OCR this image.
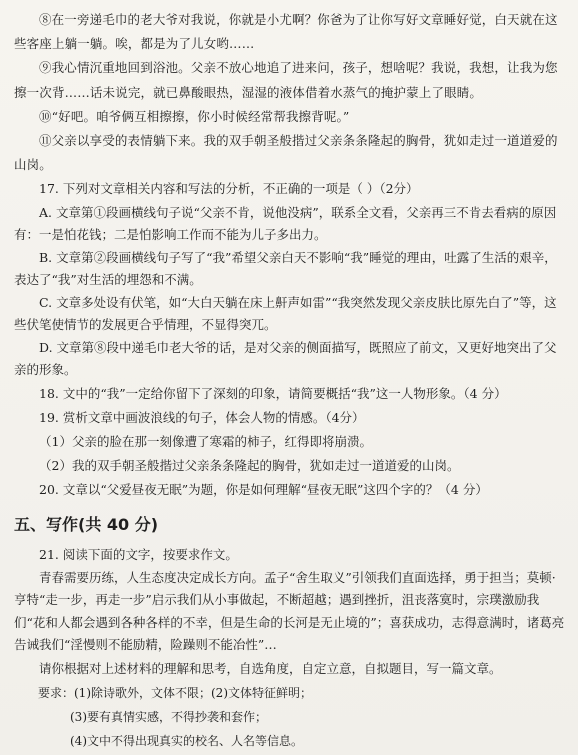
⑧在一旁递毛巾的老大爷对我说，你就是小尤啊？你爸为了让你写好文章睡好觉，白天就在这些客座上躺一躺。唉，都是为了儿女哟……

⑨我心情沉重地回到浴池。父亲不放心地追了进来问，孩子，想啥呢？我说，我想，让我为您擦一次背……话未说完，就已鼻酸眼热，湿湿的液体借着水蒸气的掩护蒙上了眼睛。

⑩“好吧。咱爷俩互相擦擦，你小时候经常帮我擦背呢。”

⑪父亲以享受的表情躺下来。我的双手朝圣般揩过父亲条条隆起的胸骨，犹如走过一道道爱的山岗。

17. 下列对文章相关内容和写法的分析，不正确的一项是（ ）（2分）

A. 文章第①段画横线句子说“父亲不肯，说他没病”，联系全文看，父亲再三不肯去看病的原因有：一是怕花钱；二是怕影响工作而不能为儿子多出力。

B. 文章第②段画横线句子写了“我”希望父亲白天不影响“我”睡觉的理由，吐露了生活的艰辛，表达了“我”对生活的埋怨和不满。

C. 文章多处设有伏笔，如“大白天躺在床上鼾声如雷”“我突然发现父亲皮肤比原先白了”等，这些伏笔使情节的发展更合乎情理，不显得突兀。

D. 文章第⑧段中递毛巾老大爷的话，是对父亲的侧面描写，既照应了前文，又更好地突出了父亲的形象。

18. 文中的“我”一定给你留下了深刻的印象，请简要概括“我”这一人物形象。（4 分）

19. 赏析文章中画波浪线的句子，体会人物的情感。（4分）

（1）父亲的脸在那一刻像遭了寒霜的柿子，红得即将崩溃。

（2）我的双手朝圣般揩过父亲条条隆起的胸骨，犹如走过一道道爱的山岗。

20. 文章以“父爱昼夜无眠”为题，你是如何理解“昼夜无眠”这四个字的？（4 分）

五、写作(共 40 分)

21. 阅读下面的文字，按要求作文。

青春需要历练，人生态度决定成长方向。孟子“舍生取义”引领我们直面选择，勇于担当；莫顿·亨特“走一步，再走一步”启示我们从小事做起，不断超越；遇到挫折，沮丧落寞时，宗璞激励我们“花和人都会遇到各种各样的不幸，但是生命的长河是无止境的”；喜获成功，志得意满时，诸葛亮告诫我们“淫慢则不能励精，险躁则不能冶性”…

请你根据对上述材料的理解和思考，自选角度，自定立意，自拟题目，写一篇文章。

要求：(1)除诗歌外，文体不限；(2)文体特征鲜明；

(3)要有真情实感，不得抄袭和套作；

(4)文中不得出现真实的校名、人名等信息。
